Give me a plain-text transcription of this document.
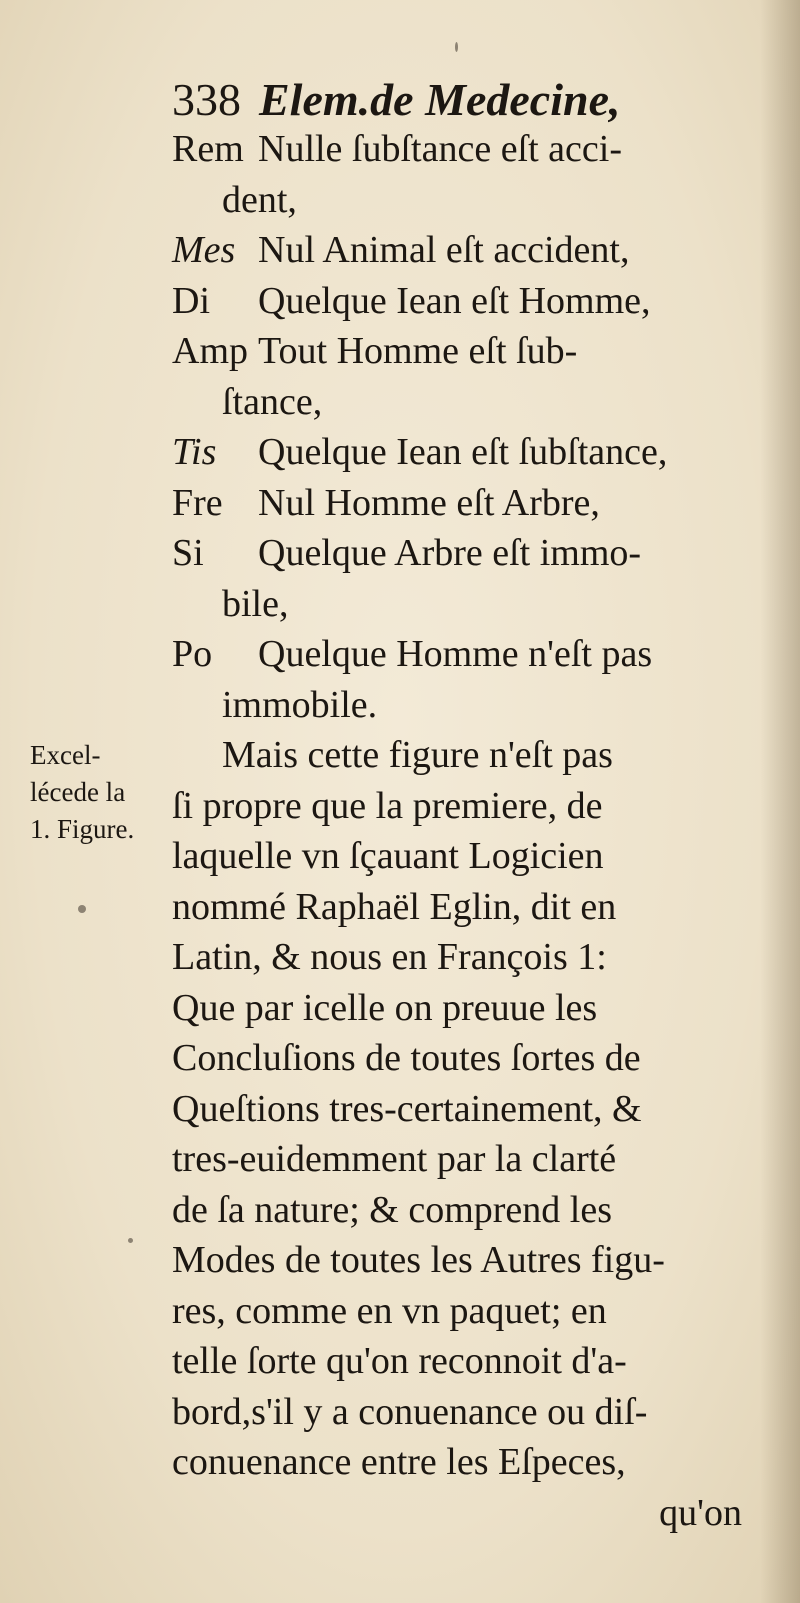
338 Elem.de Medecine,
Excel-
lécede la
1. Figure.
Rem Nulle ſubſtance eſt acci-
dent,
Mes Nul Animal eſt accident,
Di Quelque Iean eſt Homme,
Amp Tout Homme eſt ſub-
ſtance,
Tis Quelque Iean eſt ſubſtance,
Fre Nul Homme eſt Arbre,
Si Quelque Arbre eſt immo-
bile,
Po Quelque Homme n'eſt pas
immobile.
Mais cette figure n'eſt pas
ſi propre que la premiere, de
laquelle vn ſçauant Logicien
nommé Raphaël Eglin, dit en
Latin, & nous en François 1:
Que par icelle on preuue les
Concluſions de toutes ſortes de
Queſtions tres-certainement, &
tres-euidemment par la clarté
de ſa nature; & comprend les
Modes de toutes les Autres figu-
res, comme en vn paquet; en
telle ſorte qu'on reconnoit d'a-
bord,s'il y a conuenance ou diſ-
conuenance entre les Eſpeces,
qu'on
